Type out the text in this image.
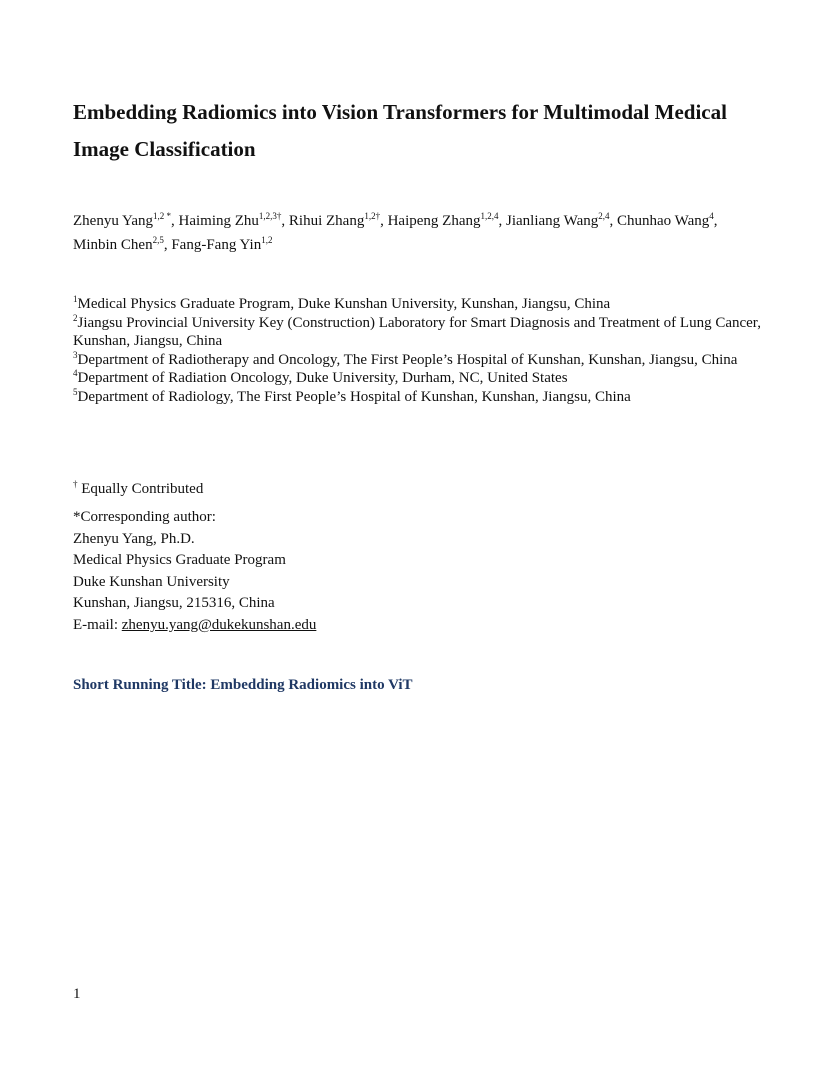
Embedding Radiomics into Vision Transformers for Multimodal Medical Image Classification
Zhenyu Yang$^{1,2 *}$, Haiming Zhu$^{1,2,3\dagger}$, Rihui Zhang$^{1,2\dagger}$, Haipeng Zhang$^{1,2,4}$, Jianliang Wang$^{2,4}$, Chunhao Wang$^4$, Minbin Chen$^{2,5}$, Fang-Fang Yin$^{1,2}$
$^1$Medical Physics Graduate Program, Duke Kunshan University, Kunshan, Jiangsu, China
$^2$Jiangsu Provincial University Key (Construction) Laboratory for Smart Diagnosis and Treatment of Lung Cancer, Kunshan, Jiangsu, China
$^3$Department of Radiotherapy and Oncology, The First People’s Hospital of Kunshan, Kunshan, Jiangsu, China
$^4$Department of Radiation Oncology, Duke University, Durham, NC, United States
$^5$Department of Radiology, The First People’s Hospital of Kunshan, Kunshan, Jiangsu, China
† Equally Contributed
*Corresponding author:
Zhenyu Yang, Ph.D.
Medical Physics Graduate Program
Duke Kunshan University
Kunshan, Jiangsu, 215316, China
E-mail: zhenyu.yang@dukekunshan.edu
Short Running Title: Embedding Radiomics into ViT
1
